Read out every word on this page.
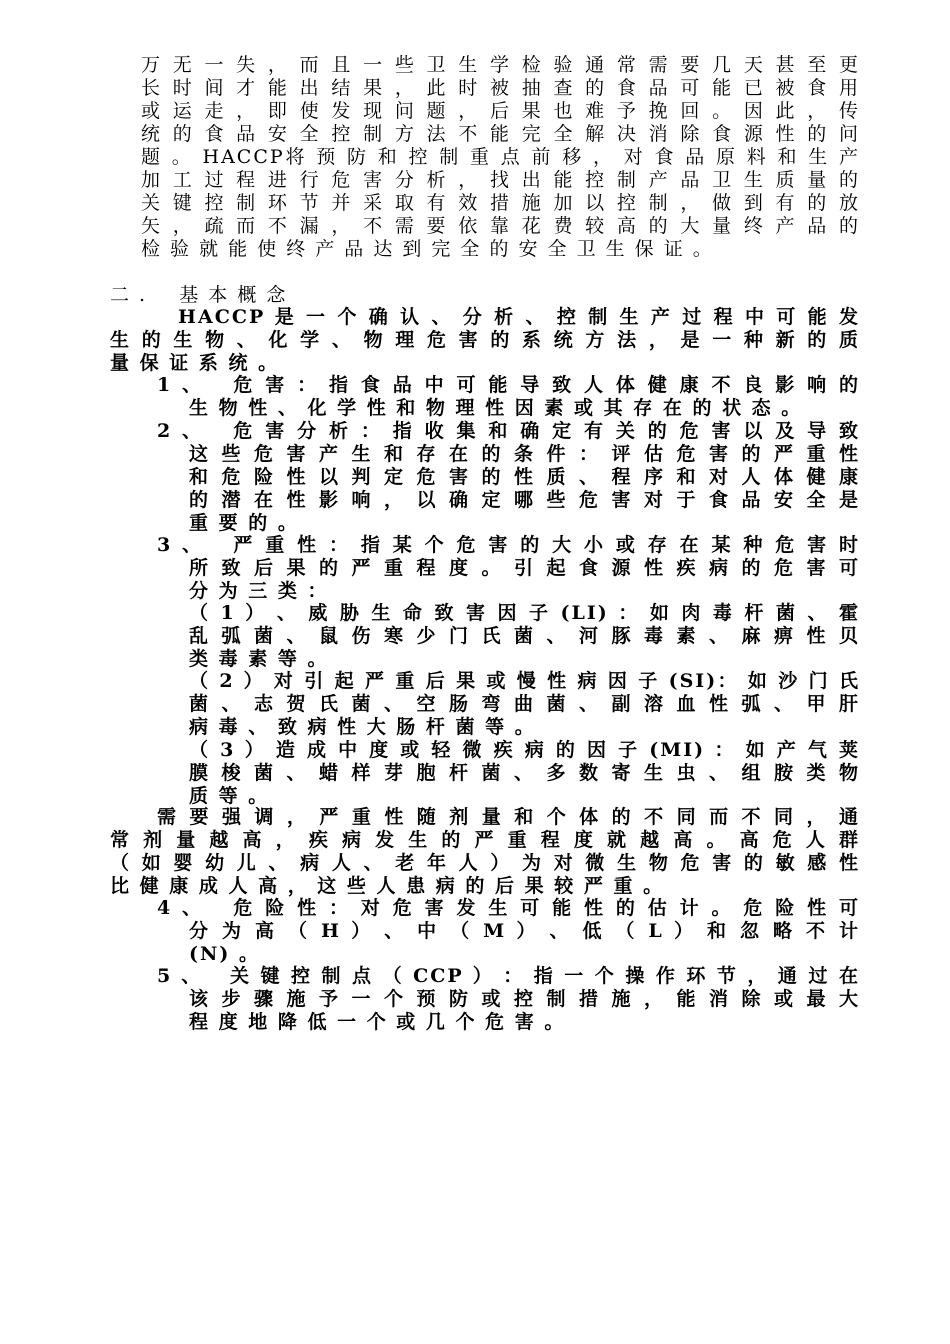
万 无 一 失 ， 而 且 一 些 卫 生 学 检 验 通 常 需 要 几 天 甚 至 更
长 时 间 才 能 出 结 果 ， 此 时 被 抽 查 的 食 品 可 能 已 被 食 用
或 运 走 ， 即 使 发 现 问 题 ， 后 果 也 难 予 挽 回 。 因 此 ， 传
统 的 食 品 安 全 控 制 方 法 不 能 完 全 解 决 消 除 食 源 性 的 问
题 。 HACCP将 预 防 和 控 制 重 点 前 移 ， 对 食 品 原 料 和 生 产
加 工 过 程 进 行 危 害 分 析 ， 找 出 能 控 制 产 品 卫 生 质 量 的
关 键 控 制 环 节 并 采 取 有 效 措 施 加 以 控 制 ， 做 到 有 的 放
矢 ， 疏 而 不 漏 ， 不 需 要 依 靠 花 费 较 高 的 大 量 终 产 品 的
检 验 就 能 使 终 产 品 达 到 完 全 的 安 全 卫 生 保 证 。
二 .    基 本 概 念
HACCP 是 一 个 确 认 、 分 析 、 控 制 生 产 过 程 中 可 能 发
生 的 生 物 、 化 学 、 物 理 危 害 的 系 统 方 法 ， 是 一 种 新 的 质
量 保 证 系 统 。
1 、   危 害 ： 指 食 品 中 可 能 导 致 人 体 健 康 不 良 影 响 的
生 物 性 、 化 学 性 和 物 理 性 因 素 或 其 存 在 的 状 态 。
2 、   危 害 分 析 ： 指 收 集 和 确 定 有 关 的 危 害 以 及 导 致
这 些 危 害 产 生 和 存 在 的 条 件 ： 评 估 危 害 的 严 重 性
和 危 险 性 以 判 定 危 害 的 性 质 、 程 序 和 对 人 体 健 康
的 潜 在 性 影 响 ， 以 确 定 哪 些 危 害 对 于 食 品 安 全 是
重 要 的 。
3 、   严 重 性 ： 指 某 个 危 害 的 大 小 或 存 在 某 种 危 害 时
所 致 后 果 的 严 重 程 度 。 引 起 食 源 性 疾 病 的 危 害 可
分 为 三 类 ：
（ 1 ） 、 威 胁 生 命 致 害 因 子 (LI) ： 如 肉 毒 杆 菌 、 霍
乱 弧 菌 、 鼠 伤 寒 少 门 氏 菌 、 河 豚 毒 素 、 麻 痹 性 贝
类 毒 素 等 。
（ 2 ） 对 引 起 严 重 后 果 或 慢 性 病 因 子 (SI)： 如 沙 门 氏
菌 、 志 贺 氏 菌 、 空 肠 弯 曲 菌 、 副 溶 血 性 弧 、 甲 肝
病 毒 、 致 病 性 大 肠 杆 菌 等 。
（ 3 ） 造 成 中 度 或 轻 微 疾 病 的 因 子 (MI) ： 如 产 气 荚
膜 梭 菌 、 蜡 样 芽 胞 杆 菌 、 多 数 寄 生 虫 、 组 胺 类 物
质 等 。
需 要 强 调 ， 严 重 性 随 剂 量 和 个 体 的 不 同 而 不 同 ， 通
常 剂 量 越 高 ， 疾 病 发 生 的 严 重 程 度 就 越 高 。 高 危 人 群
（ 如 婴 幼 儿 、 病 人 、 老 年 人 ） 为 对 微 生 物 危 害 的 敏 感 性
比 健 康 成 人 高 ， 这 些 人 患 病 的 后 果 较 严 重 。
4 、   危 险 性 ： 对 危 害 发 生 可 能 性 的 估 计 。 危 险 性 可
分 为 高 （ H ） 、 中 （ M ） 、 低 （ L ） 和 忽 略 不 计
(N) 。
5 、   关 键 控 制 点 （ CCP ） ： 指 一 个 操 作 环 节 ， 通 过 在
该 步 骤 施 予 一 个 预 防 或 控 制 措 施 ， 能 消 除 或 最 大
程 度 地 降 低 一 个 或 几 个 危 害 。
